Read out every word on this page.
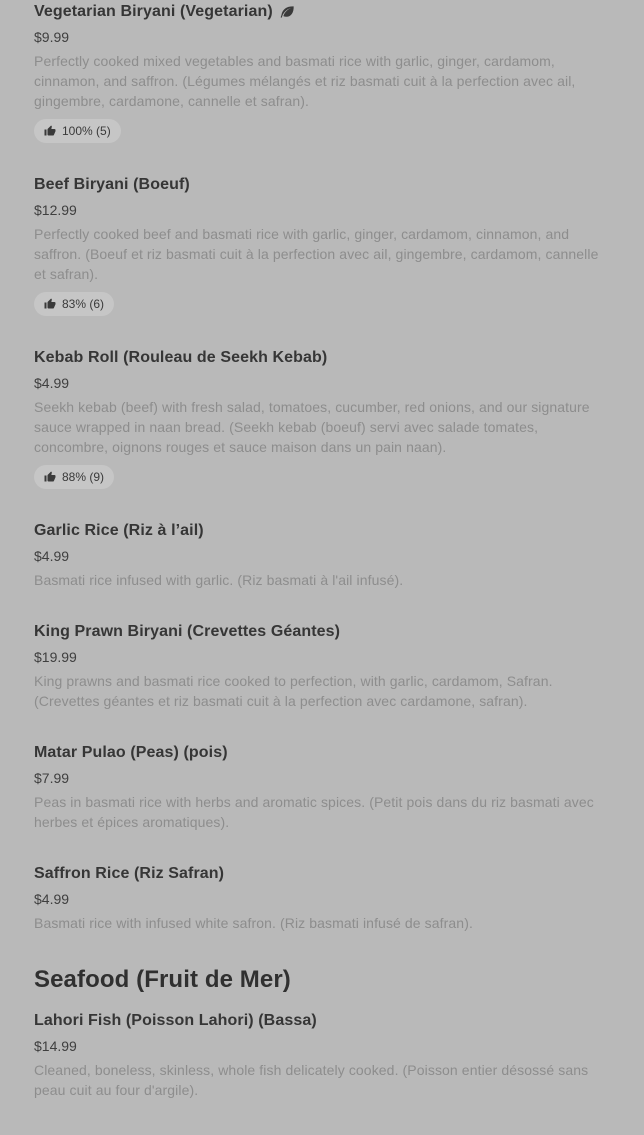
Vegetarian Biryani (Vegetarian)
$9.99

Perfectly cooked mixed vegetables and basmati rice with garlic, ginger, cardamom, cinnamon, and saffron. (Légumes mélangés et riz basmati cuit à la perfection avec ail, gingembre, cardamone, cannelle et safran).

100% (5)
Beef Biryani (Boeuf)
$12.99

Perfectly cooked beef and basmati rice with garlic, ginger, cardamom, cinnamon, and saffron. (Boeuf et riz basmati cuit à la perfection avec ail, gingembre, cardamom, cannelle et safran).

83% (6)
Kebab Roll (Rouleau de Seekh Kebab)
$4.99

Seekh kebab (beef) with fresh salad, tomatoes, cucumber, red onions, and our signature sauce wrapped in naan bread. (Seekh kebab (boeuf) servi avec salade tomates, concombre, oignons rouges et sauce maison dans un pain naan).

88% (9)
Garlic Rice (Riz à l’ail)
$4.99

Basmati rice infused with garlic. (Riz basmati à l'ail infusé).

King Prawn Biryani (Crevettes Géantes)
$19.99

King prawns and basmati rice cooked to perfection, with garlic, cardamom, Safran. (Crevettes géantes et riz basmati cuit à la perfection avec cardamone, safran).

Matar Pulao (Peas) (pois)
$7.99

Peas in basmati rice with herbs and aromatic spices. (Petit pois dans du riz basmati avec herbes et épices aromatiques).

Saffron Rice (Riz Safran)
$4.99

Basmati rice with infused white safron. (Riz basmati infusé de safran).

Seafood (Fruit de Mer)
Lahori Fish (Poisson Lahori) (Bassa)
$14.99

Cleaned, boneless, skinless, whole fish delicately cooked. (Poisson entier désossé sans peau cuit au four d'argile).
